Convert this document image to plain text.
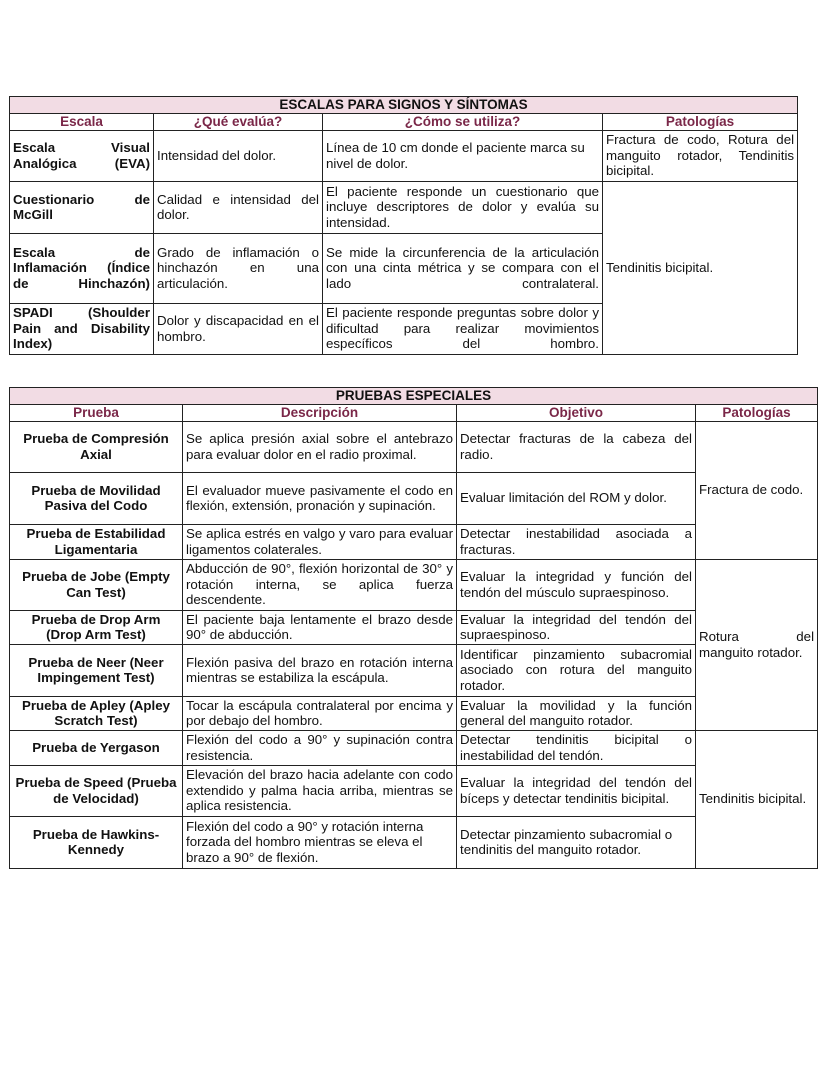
ESCALAS PARA SIGNOS Y SÍNTOMAS			
Escala	¿Qué evalúa?	¿Cómo se utiliza?	Patologías
Escala Visual Analógica (EVA)	Intensidad del dolor.	Línea de 10 cm donde el paciente marca su nivel de dolor.	Fractura de codo, Rotura del manguito rotador, Tendinitis bicipital.
Cuestionario de McGill	Calidad e intensidad del dolor.	El paciente responde un cuestionario que incluye descriptores de dolor y evalúa su intensidad.	Tendinitis bicipital.
Escala de Inflamación (Índice de Hinchazón)	Grado de inflamación o hinchazón en una articulación.	Se mide la circunferencia de la articulación con una cinta métrica y se compara con el lado contralateral.	
SPADI (Shoulder Pain and Disability Index)	Dolor y discapacidad en el hombro.	El paciente responde preguntas sobre dolor y dificultad para realizar movimientos específicos del hombro.	
PRUEBAS ESPECIALES			
Prueba	Descripción	Objetivo	Patologías
Prueba de Compresión Axial	Se aplica presión axial sobre el antebrazo para evaluar dolor en el radio proximal.	Detectar fracturas de la cabeza del radio.	Fractura de codo.
Prueba de Movilidad Pasiva del Codo	El evaluador mueve pasivamente el codo en flexión, extensión, pronación y supinación.	Evaluar limitación del ROM y dolor.	
Prueba de Estabilidad Ligamentaria	Se aplica estrés en valgo y varo para evaluar ligamentos colaterales.	Detectar inestabilidad asociada a fracturas.	
Prueba de Jobe (Empty Can Test)	Abducción de 90°, flexión horizontal de 30° y rotación interna, se aplica fuerza descendente.	Evaluar la integridad y función del tendón del músculo supraespinoso.	Rotura del manguito rotador.
Prueba de Drop Arm (Drop Arm Test)	El paciente baja lentamente el brazo desde 90° de abducción.	Evaluar la integridad del tendón del supraespinoso.	
Prueba de Neer (Neer Impingement Test)	Flexión pasiva del brazo en rotación interna mientras se estabiliza la escápula.	Identificar pinzamiento subacromial asociado con rotura del manguito rotador.	
Prueba de Apley (Apley Scratch Test)	Tocar la escápula contralateral por encima y por debajo del hombro.	Evaluar la movilidad y la función general del manguito rotador.	
Prueba de Yergason	Flexión del codo a 90° y supinación contra resistencia.	Detectar tendinitis bicipital o inestabilidad del tendón.	Tendinitis bicipital.
Prueba de Speed (Prueba de Velocidad)	Elevación del brazo hacia adelante con codo extendido y palma hacia arriba, mientras se aplica resistencia.	Evaluar la integridad del tendón del bíceps y detectar tendinitis bicipital.	
Prueba de Hawkins-Kennedy	Flexión del codo a 90° y rotación interna forzada del hombro mientras se eleva el brazo a 90° de flexión.	Detectar pinzamiento subacromial o tendinitis del manguito rotador.	
